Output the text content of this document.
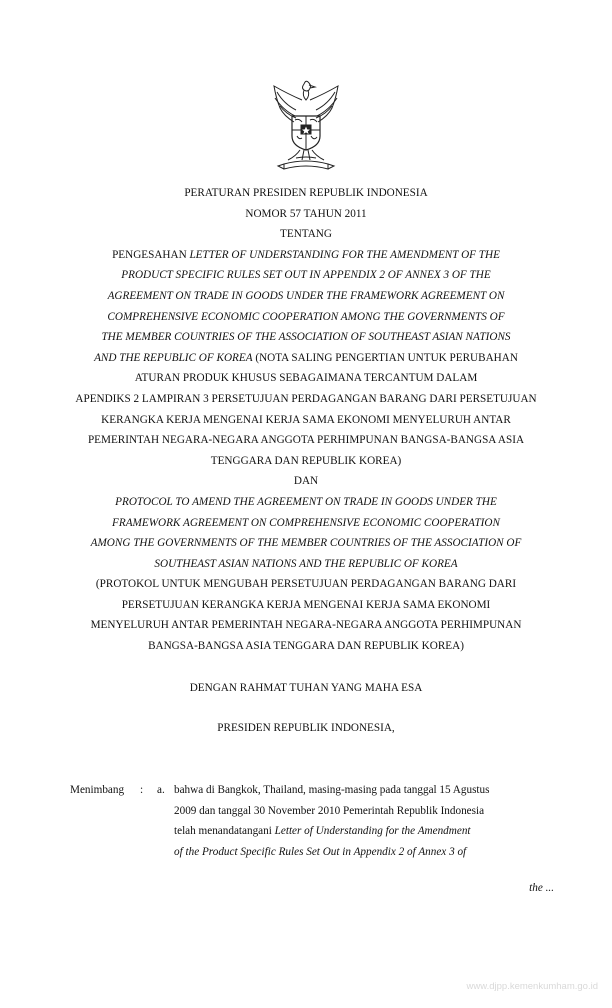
PERATURAN PRESIDEN REPUBLIK INDONESIA
NOMOR 57 TAHUN 2011
TENTANG
PENGESAHAN LETTER OF UNDERSTANDING FOR THE AMENDMENT OF THE
PRODUCT SPECIFIC RULES SET OUT IN APPENDIX 2 OF ANNEX 3 OF THE
AGREEMENT ON TRADE IN GOODS UNDER THE FRAMEWORK AGREEMENT ON
COMPREHENSIVE ECONOMIC COOPERATION AMONG THE GOVERNMENTS OF
THE MEMBER COUNTRIES OF THE ASSOCIATION OF SOUTHEAST ASIAN NATIONS
AND THE REPUBLIC OF KOREA (NOTA SALING PENGERTIAN UNTUK PERUBAHAN
ATURAN PRODUK KHUSUS SEBAGAIMANA TERCANTUM DALAM
APENDIKS 2 LAMPIRAN 3 PERSETUJUAN PERDAGANGAN BARANG DARI PERSETUJUAN
KERANGKA KERJA MENGENAI KERJA SAMA EKONOMI MENYELURUH ANTAR
PEMERINTAH NEGARA-NEGARA ANGGOTA PERHIMPUNAN BANGSA-BANGSA ASIA
TENGGARA DAN REPUBLIK KOREA)
DAN
PROTOCOL TO AMEND THE AGREEMENT ON TRADE IN GOODS UNDER THE
FRAMEWORK AGREEMENT ON COMPREHENSIVE ECONOMIC COOPERATION
AMONG THE GOVERNMENTS OF THE MEMBER COUNTRIES OF THE ASSOCIATION OF
SOUTHEAST ASIAN NATIONS AND THE REPUBLIC OF KOREA
(PROTOKOL UNTUK MENGUBAH PERSETUJUAN PERDAGANGAN BARANG DARI
PERSETUJUAN KERANGKA KERJA MENGENAI KERJA SAMA EKONOMI
MENYELURUH ANTAR PEMERINTAH NEGARA-NEGARA ANGGOTA PERHIMPUNAN
BANGSA-BANGSA ASIA TENGGARA DAN REPUBLIK KOREA)
DENGAN RAHMAT TUHAN YANG MAHA ESA
PRESIDEN REPUBLIK INDONESIA,
Menimbang : a. bahwa di Bangkok, Thailand, masing-masing pada tanggal 15 Agustus
2009 dan tanggal 30 November 2010 Pemerintah Republik Indonesia
telah menandatangani Letter of Understanding for the Amendment
of the Product Specific Rules Set Out in Appendix 2 of Annex 3 of
the ...
www.djpp.kemenkumham.go.id
